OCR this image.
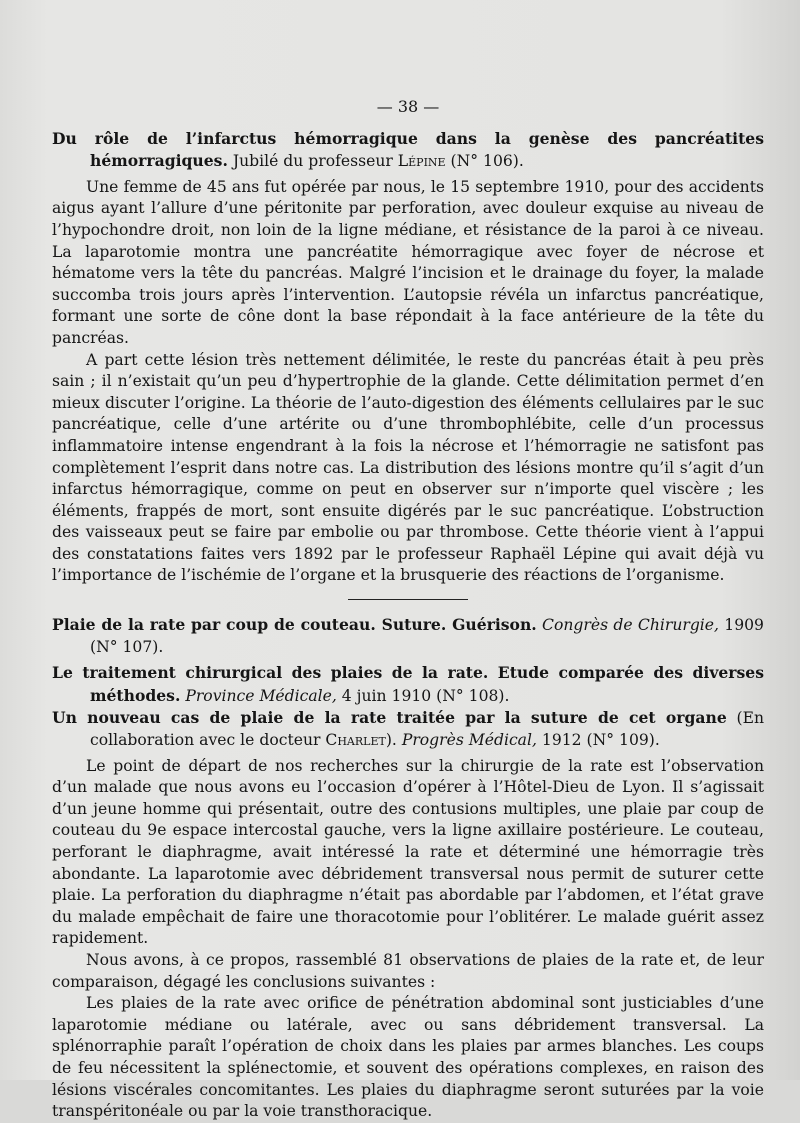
— 38 —

Du rôle de l’infarctus hémorragique dans la genèse des pancréatites hémorragiques. Jubilé du professeur Lépine (N° 106).

Une femme de 45 ans fut opérée par nous, le 15 septembre 1910, pour des accidents aigus ayant l’allure d’une péritonite par perforation, avec douleur exquise au niveau de l’hypochondre droit, non loin de la ligne médiane, et résistance de la paroi à ce niveau. La laparotomie montra une pancréatite hémorragique avec foyer de nécrose et hématome vers la tête du pancréas. Malgré l’incision et le drainage du foyer, la malade succomba trois jours après l’intervention. L’autopsie révéla un infarctus pancréatique, formant une sorte de cône dont la base répondait à la face antérieure de la tête du pancréas.

A part cette lésion très nettement délimitée, le reste du pancréas était à peu près sain ; il n’existait qu’un peu d’hypertrophie de la glande. Cette délimitation permet d’en mieux discuter l’origine. La théorie de l’auto-digestion des éléments cellulaires par le suc pancréatique, celle d’une artérite ou d’une thrombophlébite, celle d’un processus inflammatoire intense engendrant à la fois la nécrose et l’hémorragie ne satisfont pas complètement l’esprit dans notre cas. La distribution des lésions montre qu’il s’agit d’un infarctus hémorragique, comme on peut en observer sur n’importe quel viscère ; les éléments, frappés de mort, sont ensuite digérés par le suc pancréatique. L’obstruction des vaisseaux peut se faire par embolie ou par thrombose. Cette théorie vient à l’appui des constatations faites vers 1892 par le professeur Raphaël Lépine qui avait déjà vu l’importance de l’ischémie de l’organe et la brusquerie des réactions de l’organisme.

Plaie de la rate par coup de couteau. Suture. Guérison. Congrès de Chirurgie, 1909 (N° 107).

Le traitement chirurgical des plaies de la rate. Etude comparée des diverses méthodes. Province Médicale, 4 juin 1910 (N° 108).

Un nouveau cas de plaie de la rate traitée par la suture de cet organe (En collaboration avec le docteur Charlet). Progrès Médical, 1912 (N° 109).

Le point de départ de nos recherches sur la chirurgie de la rate est l’observation d’un malade que nous avons eu l’occasion d’opérer à l’Hôtel-Dieu de Lyon. Il s’agissait d’un jeune homme qui présentait, outre des contusions multiples, une plaie par coup de couteau du 9e espace intercostal gauche, vers la ligne axillaire postérieure. Le couteau, perforant le diaphragme, avait intéressé la rate et déterminé une hémorragie très abondante. La laparotomie avec débridement transversal nous permit de suturer cette plaie. La perforation du diaphragme n’était pas abordable par l’abdomen, et l’état grave du malade empêchait de faire une thoracotomie pour l’oblitérer. Le malade guérit assez rapidement.

Nous avons, à ce propos, rassemblé 81 observations de plaies de la rate et, de leur comparaison, dégagé les conclusions suivantes :

Les plaies de la rate avec orifice de pénétration abdominal sont justiciables d’une laparotomie médiane ou latérale, avec ou sans débridement transversal. La splénorraphie paraît l’opération de choix dans les plaies par armes blanches. Les coups de feu nécessitent la splénectomie, et souvent des opérations complexes, en raison des lésions viscérales concomitantes. Les plaies du diaphragme seront suturées par la voie transpéritonéale ou par la voie transthoracique.
